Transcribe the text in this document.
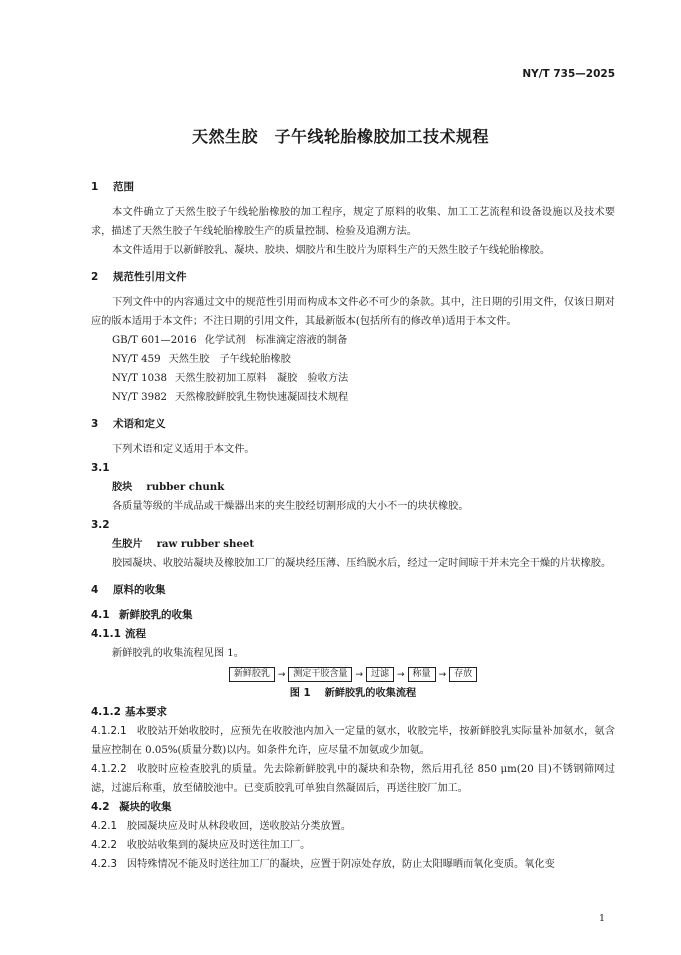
NY/T 735—2025
天然生胶　子午线轮胎橡胶加工技术规程
1 范围

本文件确立了天然生胶子午线轮胎橡胶的加工程序，规定了原料的收集、加工工艺流程和设备设施以及技术要求，描述了天然生胶子午线轮胎橡胶生产的质量控制、检验及追溯方法。

本文件适用于以新鲜胶乳、凝块、胶块、烟胶片和生胶片为原料生产的天然生胶子午线轮胎橡胶。

2 规范性引用文件

下列文件中的内容通过文中的规范性引用而构成本文件必不可少的条款。其中，注日期的引用文件，仅该日期对应的版本适用于本文件；不注日期的引用文件，其最新版本(包括所有的修改单)适用于本文件。

GB/T 601—2016 化学试剂　标准滴定溶液的制备
NY/T 459 天然生胶　子午线轮胎橡胶
NY/T 1038 天然生胶初加工原料　凝胶　验收方法
NY/T 3982 天然橡胶鲜胶乳生物快速凝固技术规程
3 术语和定义

下列术语和定义适用于本文件。

3.1
胶块 rubber chunk

各质量等级的半成品或干燥器出来的夹生胶经切割形成的大小不一的块状橡胶。

3.2
生胶片 raw rubber sheet

胶园凝块、收胶站凝块及橡胶加工厂的凝块经压薄、压绉脱水后，经过一定时间晾干并未完全干燥的片状橡胶。

4 原料的收集
4.1 新鲜胶乳的收集
4.1.1 流程

新鲜胶乳的收集流程见图 1。

新鲜胶乳 → 测定干胶含量 → 过滤 → 称量 → 存放
图 1 新鲜胶乳的收集流程
4.1.2 基本要求

4.1.2.1 收胶站开始收胶时，应预先在收胶池内加入一定量的氨水，收胶完毕，按新鲜胶乳实际量补加氨水，氨含量应控制在 0.05%(质量分数)以内。如条件允许，应尽量不加氨或少加氨。

4.1.2.2 收胶时应检查胶乳的质量。先去除新鲜胶乳中的凝块和杂物，然后用孔径 850 μm(20 目)不锈钢筛网过滤，过滤后称重，放至储胶池中。已变质胶乳可单独自然凝固后，再送往胶厂加工。

4.2 凝块的收集

4.2.1 胶园凝块应及时从林段收回，送收胶站分类放置。

4.2.2 收胶站收集到的凝块应及时送往加工厂。

4.2.3 因特殊情况不能及时送往加工厂的凝块，应置于阴凉处存放，防止太阳曝晒而氧化变质。氧化变

1
